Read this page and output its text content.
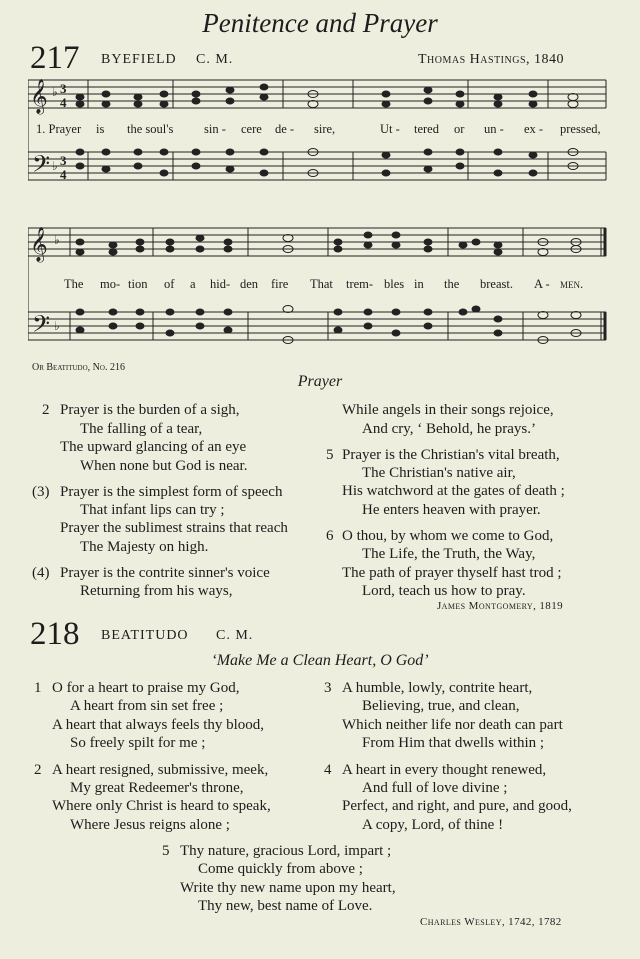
Penitence and Prayer
217 BYEFIELD C. M.	Thomas Hastings, 1840
𝄞
𝄢
♭
♭
3
4
3
4
1. Prayer is the soul's sin - cere de - sire,	Ut - tered or un - ex - pressed,
𝄞
𝄢
♭
♭
The mo- tion of a hid- den fire That trem- bles in the breast. A - men.
Or Beatitudo, No. 216
Prayer
2 Prayer is the burden of a sigh,
The falling of a tear,
The upward glancing of an eye
When none but God is near.
(3) Prayer is the simplest form of speech
That infant lips can try ;
Prayer the sublimest strains that reach
The Majesty on high.
(4) Prayer is the contrite sinner's voice
Returning from his ways,
While angels in their songs rejoice,
And cry, ‘ Behold, he prays.’
5 Prayer is the Christian's vital breath,
The Christian's native air,
His watchword at the gates of death ;
He enters heaven with prayer.
6 O thou, by whom we come to God,
The Life, the Truth, the Way,
The path of prayer thyself hast trod ;
Lord, teach us how to pray.
James Montgomery, 1819
218 BEATITUDO C. M.
‘Make Me a Clean Heart, O God’
1 O for a heart to praise my God,
A heart from sin set free ;
A heart that always feels thy blood,
So freely spilt for me ;
2 A heart resigned, submissive, meek,
My great Redeemer's throne,
Where only Christ is heard to speak,
Where Jesus reigns alone ;
3 A humble, lowly, contrite heart,
Believing, true, and clean,
Which neither life nor death can part
From Him that dwells within ;
4 A heart in every thought renewed,
And full of love divine ;
Perfect, and right, and pure, and good,
A copy, Lord, of thine !
5 Thy nature, gracious Lord, impart ;
Come quickly from above ;
Write thy new name upon my heart,
Thy new, best name of Love.
Charles Wesley, 1742, 1782
